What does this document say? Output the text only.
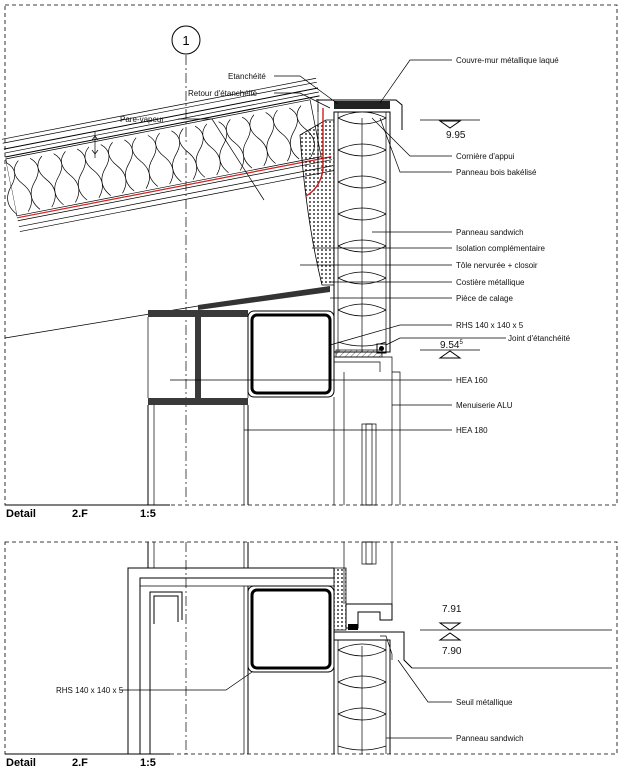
1
9.95
9.54$^5$
Couvre-mur métallique laqué
Etanchéité
Retour d'étanchéité
Pare-vapeur
Cornière d'appui
Panneau bois bakélisé
Panneau sandwich
Isolation complémentaire
Tôle nervurée + closoir
Costière métallique
Pièce de calage
RHS 140 x 140 x 5
Joint d'étanchéité
HEA 160
Menuiserie ALU
HEA 180
Detail	2.F	1:5
7.91
7.90
RHS 140 x 140 x 5
Seuil métallique
Panneau sandwich
Detail	2.F	1:5
